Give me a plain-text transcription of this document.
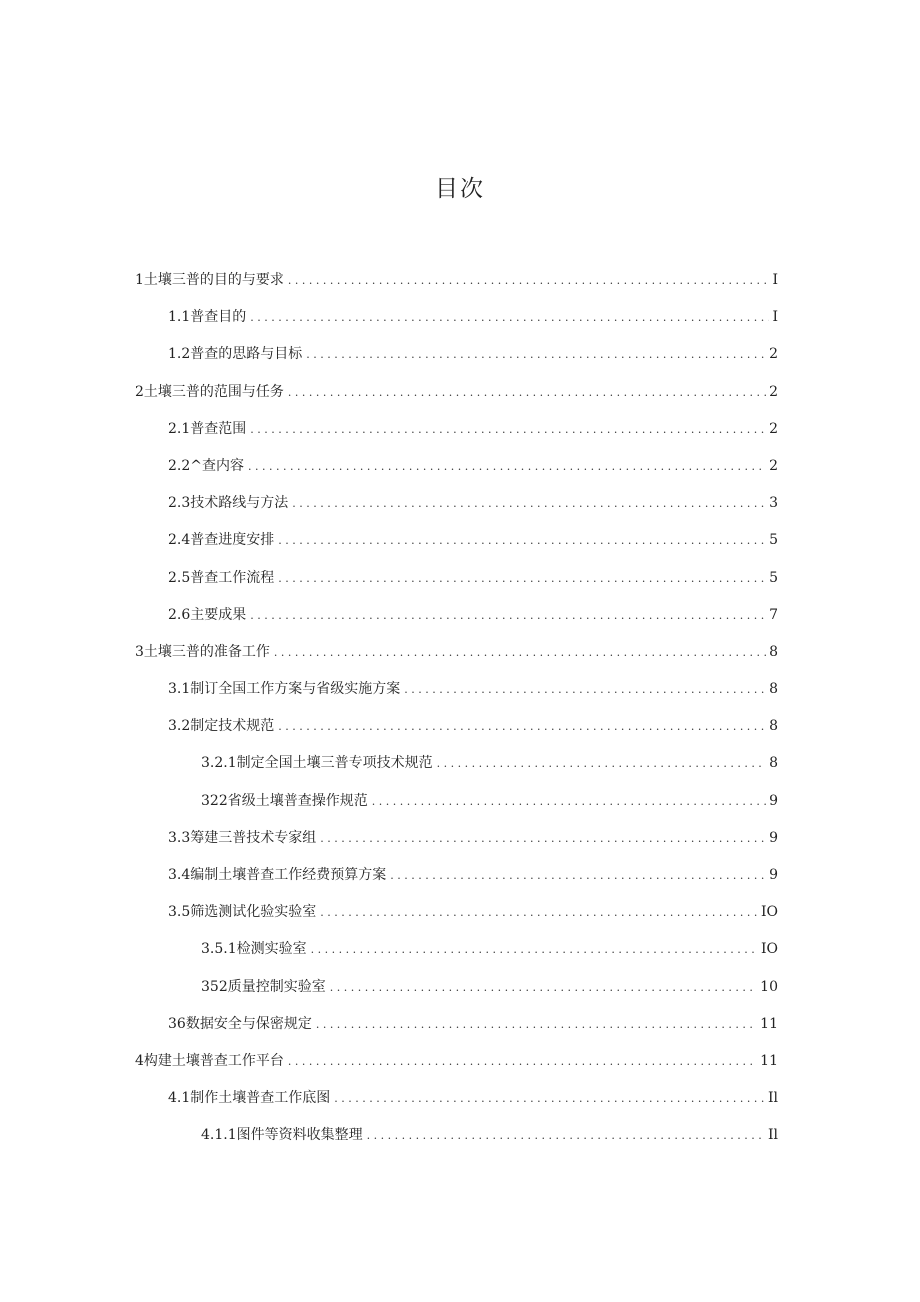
目次
1土壤三普的目的与要求 . . .	I
1.1普查目的 . . .	I
1.2普查的思路与目标 . . .	2
2土壤三普的范围与任务 . . .	2
2.1普查范围 . . .	2
2.2^查内容 . . .	2
2.3技术路线与方法 . . .	3
2.4普查进度安排 . . .	5
2.5普查工作流程 . . .	5
2.6主要成果 . . .	7
3土壤三普的准备工作 . . .	8
3.1制订全国工作方案与省级实施方案 . . .	8
3.2制定技术规范 . . .	8
3.2.1制定全国土壤三普专项技术规范 . . .	8
322省级土壤普查操作规范 . . .	9
3.3筹建三普技术专家组 . . .	9
3.4编制土壤普查工作经费预算方案 . . .	9
3.5筛选测试化验实验室 . . .	IO
3.5.1检测实验室 . . .	IO
352质量控制实验室 . . .	10
36数据安全与保密规定 . . .	11
4构建土壤普查工作平台 . . .	11
4.1制作土壤普查工作底图 . . .	Il
4.1.1图件等资料收集整理 . . .	Il
